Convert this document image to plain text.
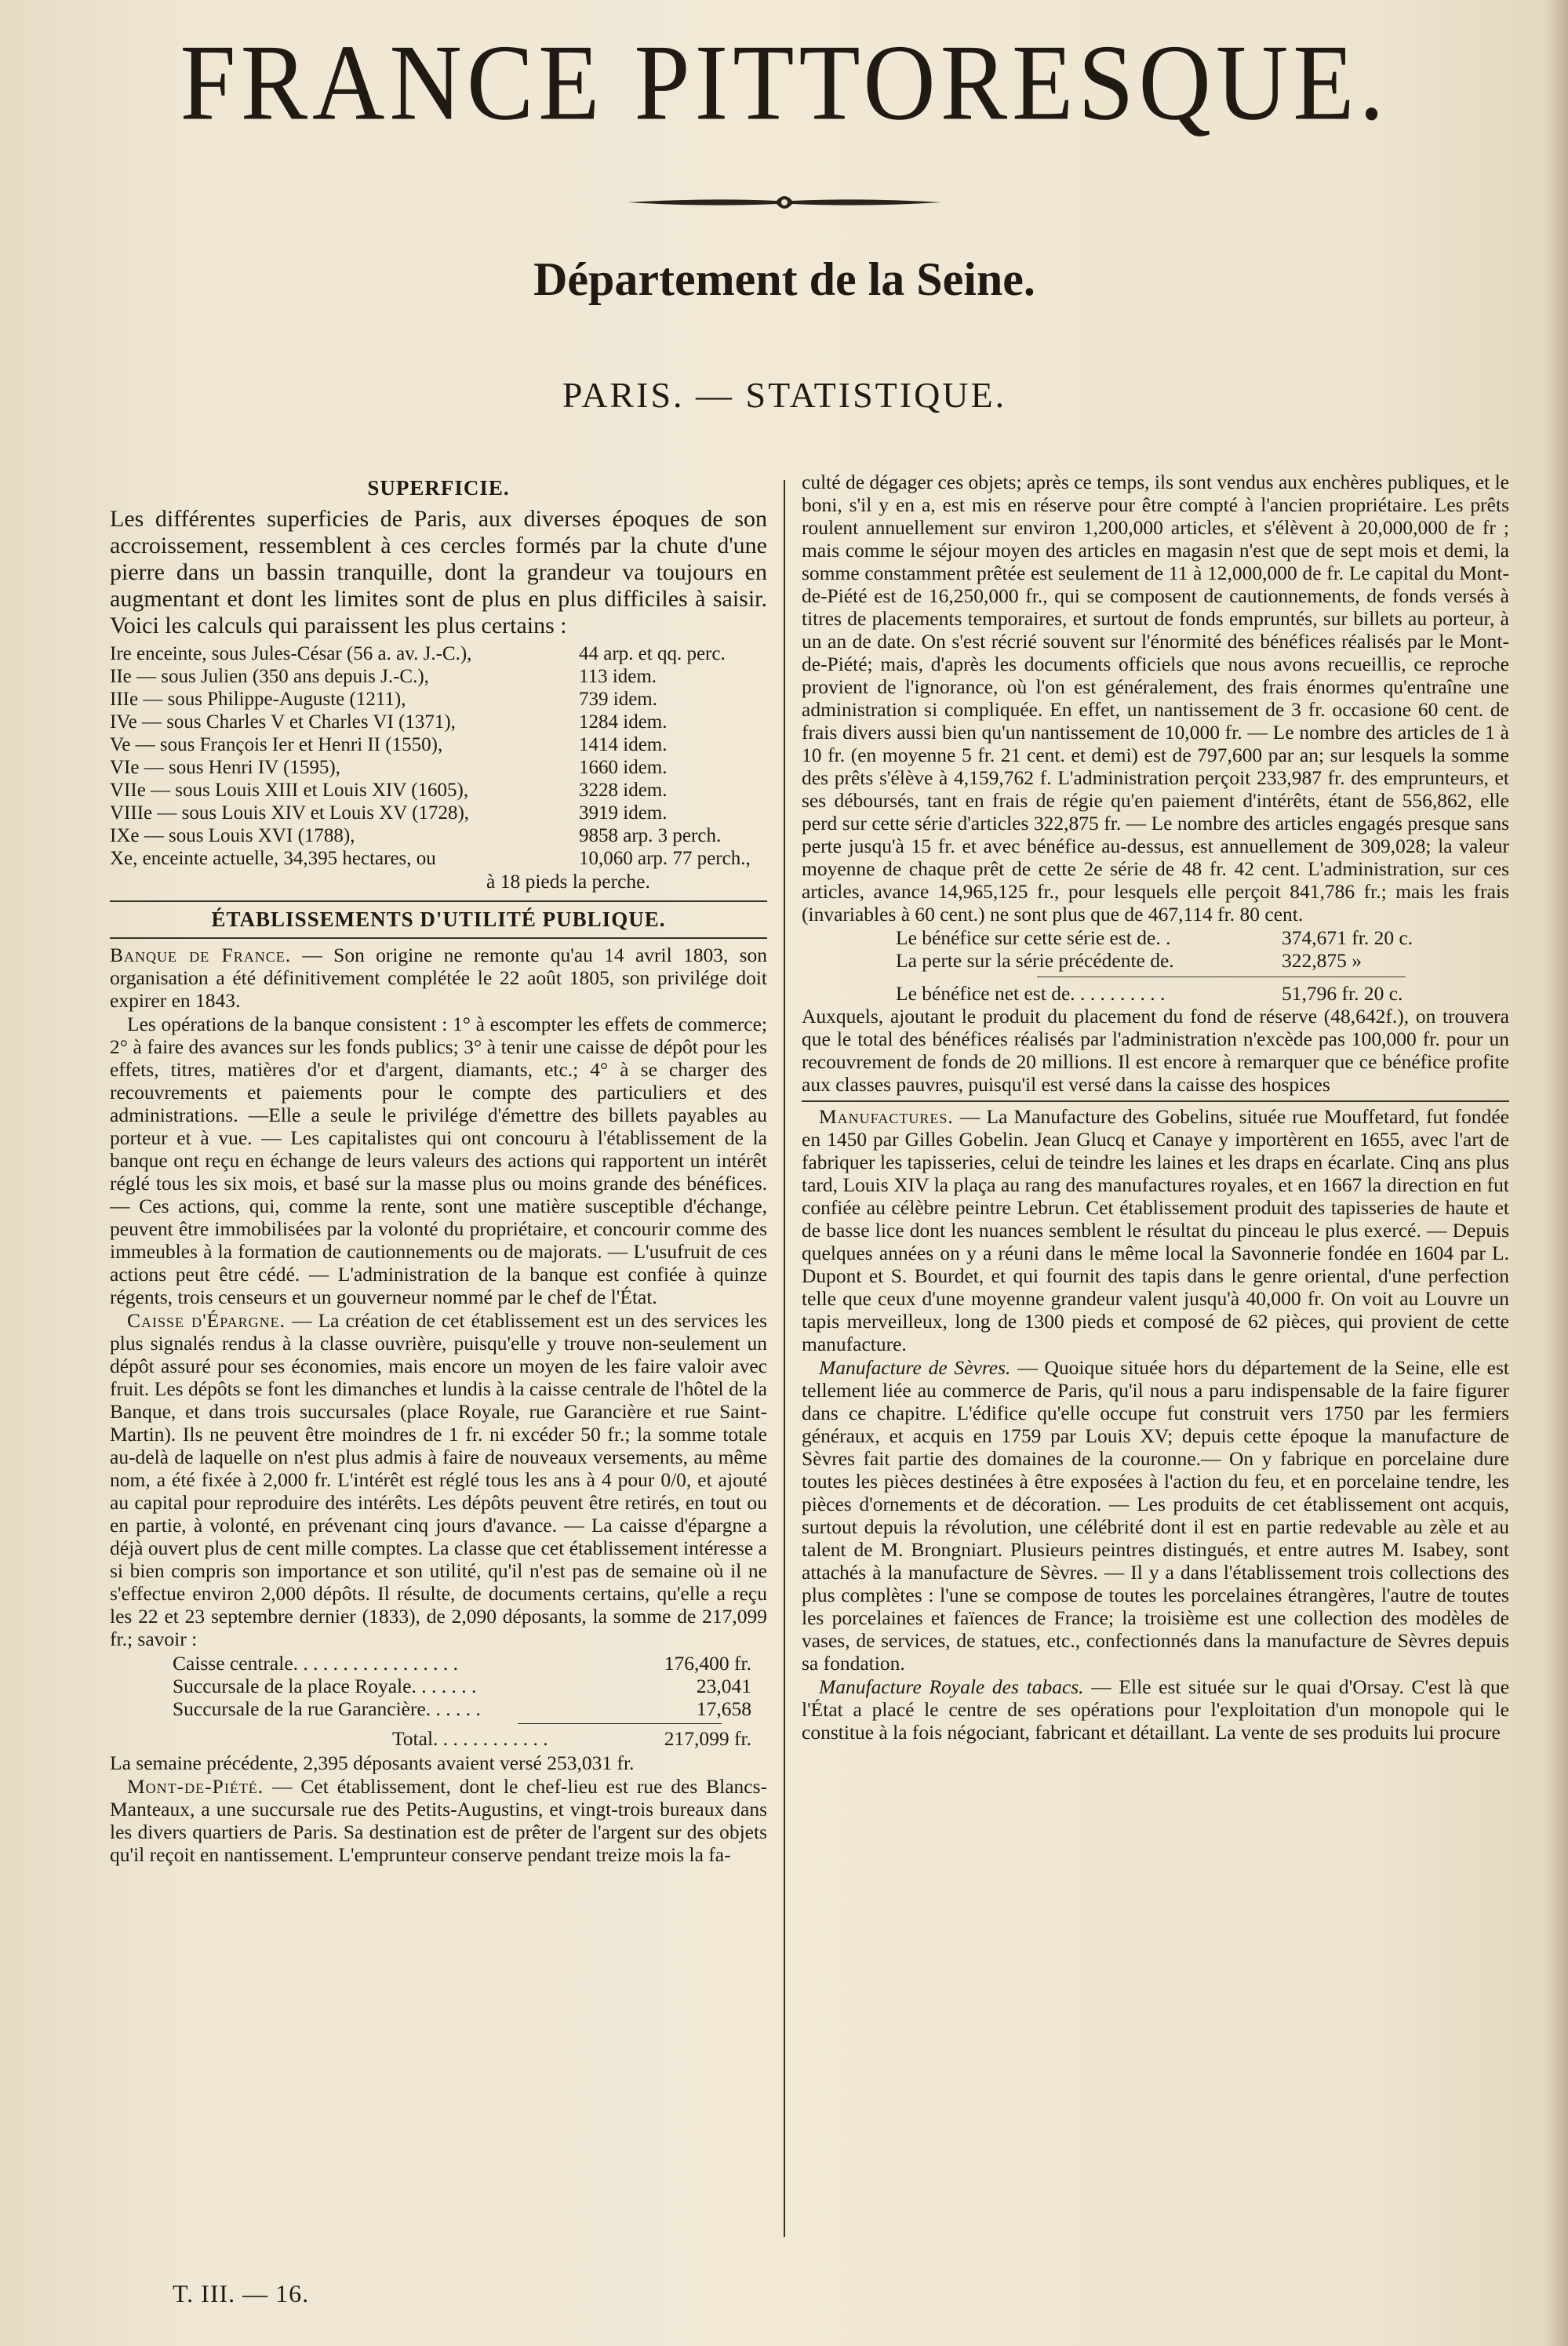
FRANCE PITTORESQUE.
Département de la Seine.
PARIS. — STATISTIQUE.
SUPERFICIE.

Les différentes superficies de Paris, aux diverses époques de son accroissement, ressemblent à ces cercles formés par la chute d'une pierre dans un bassin tranquille, dont la grandeur va toujours en augmentant et dont les limites sont de plus en plus difficiles à saisir. Voici les calculs qui paraissent les plus certains :

Ire enceinte, sous Jules-César (56 a. av. J.-C.),	44 arp. et qq. perc.
IIe — sous Julien (350 ans depuis J.-C.),	113 idem.
IIIe — sous Philippe-Auguste (1211),	739 idem.
IVe — sous Charles V et Charles VI (1371),	1284 idem.
Ve — sous François Ier et Henri II (1550),	1414 idem.
VIe — sous Henri IV (1595),	1660 idem.
VIIe — sous Louis XIII et Louis XIV (1605),	3228 idem.
VIIIe — sous Louis XIV et Louis XV (1728),	3919 idem.
IXe — sous Louis XVI (1788),	9858 arp. 3 perch.
Xe, enceinte actuelle, 34,395 hectares, ou	10,060 arp. 77 perch.,
à 18 pieds la perche.
ÉTABLISSEMENTS D'UTILITÉ PUBLIQUE.

Banque de France. — Son origine ne remonte qu'au 14 avril 1803, son organisation a été définitivement complétée le 22 août 1805, son privilége doit expirer en 1843.

Les opérations de la banque consistent : 1° à escompter les effets de commerce; 2° à faire des avances sur les fonds publics; 3° à tenir une caisse de dépôt pour les effets, titres, matières d'or et d'argent, diamants, etc.; 4° à se charger des recouvrements et paiements pour le compte des particuliers et des administrations. —Elle a seule le privilége d'émettre des billets payables au porteur et à vue. — Les capitalistes qui ont concouru à l'établissement de la banque ont reçu en échange de leurs valeurs des actions qui rapportent un intérêt réglé tous les six mois, et basé sur la masse plus ou moins grande des bénéfices. — Ces actions, qui, comme la rente, sont une matière susceptible d'échange, peuvent être immobilisées par la volonté du propriétaire, et concourir comme des immeubles à la formation de cautionnements ou de majorats. — L'usufruit de ces actions peut être cédé. — L'administration de la banque est confiée à quinze régents, trois censeurs et un gouverneur nommé par le chef de l'État.

Caisse d'Épargne. — La création de cet établissement est un des services les plus signalés rendus à la classe ouvrière, puisqu'elle y trouve non-seulement un dépôt assuré pour ses économies, mais encore un moyen de les faire valoir avec fruit. Les dépôts se font les dimanches et lundis à la caisse centrale de l'hôtel de la Banque, et dans trois succursales (place Royale, rue Garancière et rue Saint-Martin). Ils ne peuvent être moindres de 1 fr. ni excéder 50 fr.; la somme totale au-delà de laquelle on n'est plus admis à faire de nouveaux versements, au même nom, a été fixée à 2,000 fr. L'intérêt est réglé tous les ans à 4 pour 0/0, et ajouté au capital pour reproduire des intérêts. Les dépôts peuvent être retirés, en tout ou en partie, à volonté, en prévenant cinq jours d'avance. — La caisse d'épargne a déjà ouvert plus de cent mille comptes. La classe que cet établissement intéresse a si bien compris son importance et son utilité, qu'il n'est pas de semaine où il ne s'effectue environ 2,000 dépôts. Il résulte, de documents certains, qu'elle a reçu les 22 et 23 septembre dernier (1833), de 2,090 déposants, la somme de 217,099 fr.; savoir :

Caisse centrale. . . . . . . . . . . . . . . . .	176,400 fr.
Succursale de la place Royale. . . . . . .	23,041
Succursale de la rue Garancière. . . . . .	17,658
Total. . . . . . . . . . . .	217,099 fr.

La semaine précédente, 2,395 déposants avaient versé 253,031 fr.

Mont-de-Piété. — Cet établissement, dont le chef-lieu est rue des Blancs-Manteaux, a une succursale rue des Petits-Augustins, et vingt-trois bureaux dans les divers quartiers de Paris. Sa destination est de prêter de l'argent sur des objets qu'il reçoit en nantissement. L'emprunteur conserve pendant treize mois la fa-

culté de dégager ces objets; après ce temps, ils sont vendus aux enchères publiques, et le boni, s'il y en a, est mis en réserve pour être compté à l'ancien propriétaire. Les prêts roulent annuellement sur environ 1,200,000 articles, et s'élèvent à 20,000,000 de fr ; mais comme le séjour moyen des articles en magasin n'est que de sept mois et demi, la somme constamment prêtée est seulement de 11 à 12,000,000 de fr. Le capital du Mont-de-Piété est de 16,250,000 fr., qui se composent de cautionnements, de fonds versés à titres de placements temporaires, et surtout de fonds empruntés, sur billets au porteur, à un an de date. On s'est récrié souvent sur l'énormité des bénéfices réalisés par le Mont-de-Piété; mais, d'après les documents officiels que nous avons recueillis, ce reproche provient de l'ignorance, où l'on est généralement, des frais énormes qu'entraîne une administration si compliquée. En effet, un nantissement de 3 fr. occasione 60 cent. de frais divers aussi bien qu'un nantissement de 10,000 fr. — Le nombre des articles de 1 à 10 fr. (en moyenne 5 fr. 21 cent. et demi) est de 797,600 par an; sur lesquels la somme des prêts s'élève à 4,159,762 f. L'administration perçoit 233,987 fr. des emprunteurs, et ses déboursés, tant en frais de régie qu'en paiement d'intérêts, étant de 556,862, elle perd sur cette série d'articles 322,875 fr. — Le nombre des articles engagés presque sans perte jusqu'à 15 fr. et avec bénéfice au-dessus, est annuellement de 309,028; la valeur moyenne de chaque prêt de cette 2e série de 48 fr. 42 cent. L'administration, sur ces articles, avance 14,965,125 fr., pour lesquels elle perçoit 841,786 fr.; mais les frais (invariables à 60 cent.) ne sont plus que de 467,114 fr. 80 cent.

Le bénéfice sur cette série est de. .	374,671 fr. 20 c.
La perte sur la série précédente de.	322,875 »
Le bénéfice net est de. . . . . . . . . .	51,796 fr. 20 c.

Auxquels, ajoutant le produit du placement du fond de réserve (48,642f.), on trouvera que le total des bénéfices réalisés par l'administration n'excède pas 100,000 fr. pour un recouvrement de fonds de 20 millions. Il est encore à remarquer que ce bénéfice profite aux classes pauvres, puisqu'il est versé dans la caisse des hospices

Manufactures. — La Manufacture des Gobelins, située rue Mouffetard, fut fondée en 1450 par Gilles Gobelin. Jean Glucq et Canaye y importèrent en 1655, avec l'art de fabriquer les tapisseries, celui de teindre les laines et les draps en écarlate. Cinq ans plus tard, Louis XIV la plaça au rang des manufactures royales, et en 1667 la direction en fut confiée au célèbre peintre Lebrun. Cet établissement produit des tapisseries de haute et de basse lice dont les nuances semblent le résultat du pinceau le plus exercé. — Depuis quelques années on y a réuni dans le même local la Savonnerie fondée en 1604 par L. Dupont et S. Bourdet, et qui fournit des tapis dans le genre oriental, d'une perfection telle que ceux d'une moyenne grandeur valent jusqu'à 40,000 fr. On voit au Louvre un tapis merveilleux, long de 1300 pieds et composé de 62 pièces, qui provient de cette manufacture.

Manufacture de Sèvres. — Quoique située hors du département de la Seine, elle est tellement liée au commerce de Paris, qu'il nous a paru indispensable de la faire figurer dans ce chapitre. L'édifice qu'elle occupe fut construit vers 1750 par les fermiers généraux, et acquis en 1759 par Louis XV; depuis cette époque la manufacture de Sèvres fait partie des domaines de la couronne.— On y fabrique en porcelaine dure toutes les pièces destinées à être exposées à l'action du feu, et en porcelaine tendre, les pièces d'ornements et de décoration. — Les produits de cet établissement ont acquis, surtout depuis la révolution, une célébrité dont il est en partie redevable au zèle et au talent de M. Brongniart. Plusieurs peintres distingués, et entre autres M. Isabey, sont attachés à la manufacture de Sèvres. — Il y a dans l'établissement trois collections des plus complètes : l'une se compose de toutes les porcelaines étrangères, l'autre de toutes les porcelaines et faïences de France; la troisième est une collection des modèles de vases, de services, de statues, etc., confectionnés dans la manufacture de Sèvres depuis sa fondation.

Manufacture Royale des tabacs. — Elle est située sur le quai d'Orsay. C'est là que l'État a placé le centre de ses opérations pour l'exploitation d'un monopole qui le constitue à la fois négociant, fabricant et détaillant. La vente de ses produits lui procure

T. III. — 16.
